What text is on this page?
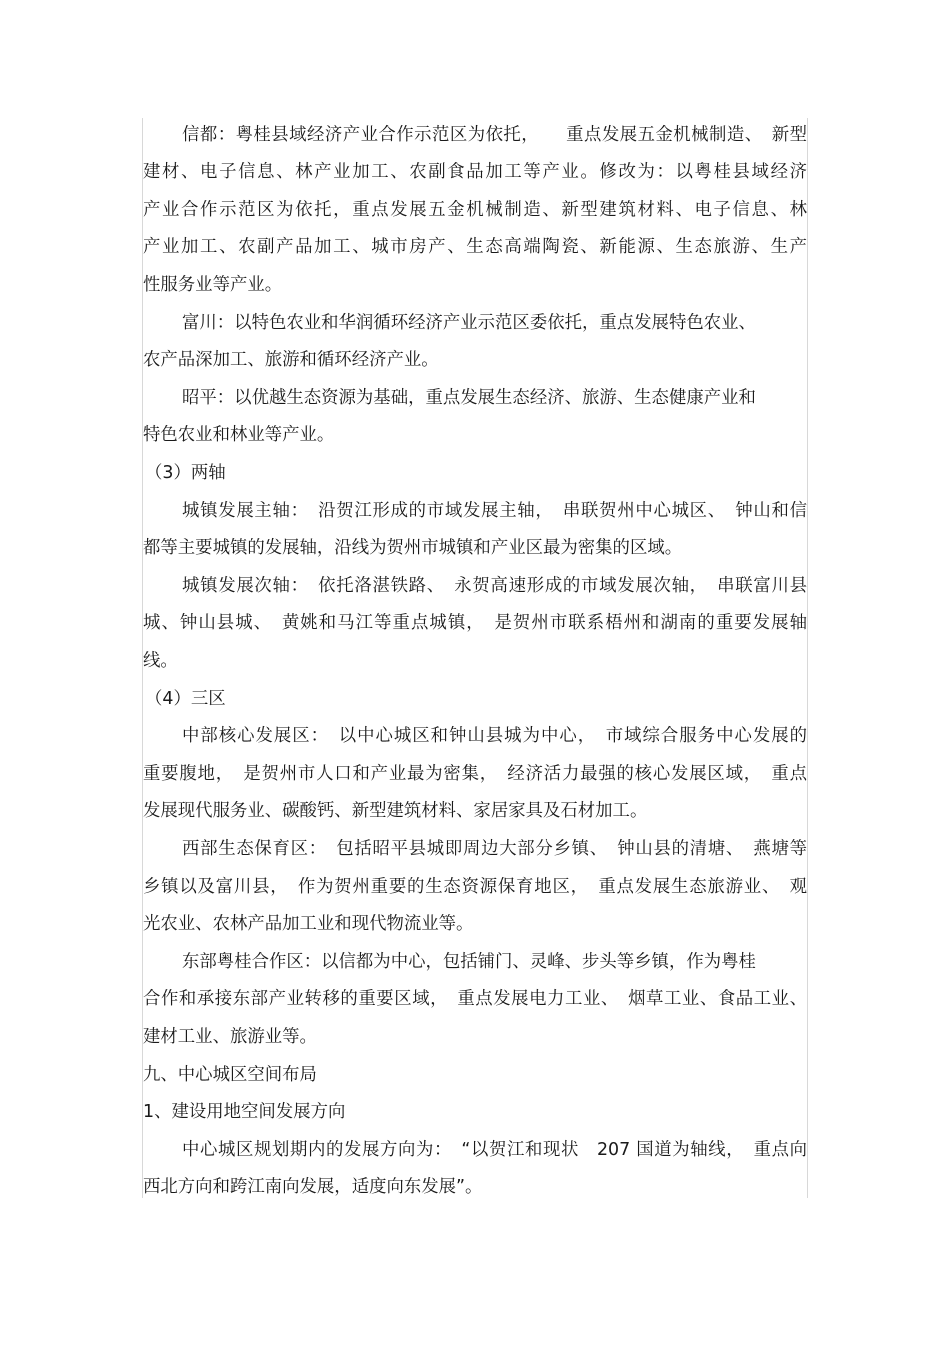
信都：粤桂县域经济产业合作示范区为依托，　　重点发展五金机械制造、　新型
建材、电子信息、林产业加工、农副食品加工等产业。修改为：以粤桂县域经济
产业合作示范区为依托，重点发展五金机械制造、新型建筑材料、电子信息、林
产业加工、农副产品加工、城市房产、生态高端陶瓷、新能源、生态旅游、生产
性服务业等产业。
富川：以特色农业和华润循环经济产业示范区委依托，重点发展特色农业、
农产品深加工、旅游和循环经济产业。
昭平：以优越生态资源为基础，重点发展生态经济、旅游、生态健康产业和
特色农业和林业等产业。
（3）两轴
城镇发展主轴：　沿贺江形成的市域发展主轴，　串联贺州中心城区、　钟山和信
都等主要城镇的发展轴，沿线为贺州市城镇和产业区最为密集的区域。
城镇发展次轴：　依托洛湛铁路、　永贺高速形成的市域发展次轴，　串联富川县
城、钟山县城、　黄姚和马江等重点城镇，　是贺州市联系梧州和湖南的重要发展轴
线。
（4）三区
中部核心发展区：　以中心城区和钟山县城为中心，　市域综合服务中心发展的
重要腹地，　是贺州市人口和产业最为密集，　经济活力最强的核心发展区域，　重点
发展现代服务业、碳酸钙、新型建筑材料、家居家具及石材加工。
西部生态保育区：　包括昭平县城即周边大部分乡镇、　钟山县的清塘、　燕塘等
乡镇以及富川县，　作为贺州重要的生态资源保育地区，　重点发展生态旅游业、　观
光农业、农林产品加工业和现代物流业等。
东部粤桂合作区：以信都为中心，包括铺门、灵峰、步头等乡镇，作为粤桂
合作和承接东部产业转移的重要区域，　重点发展电力工业、　烟草工业、食品工业、
建材工业、旅游业等。
九、中心城区空间布局
1、建设用地空间发展方向
中心城区规划期内的发展方向为：　“以贺江和现状　207 国道为轴线，　重点向
西北方向和跨江南向发展，适度向东发展”。
